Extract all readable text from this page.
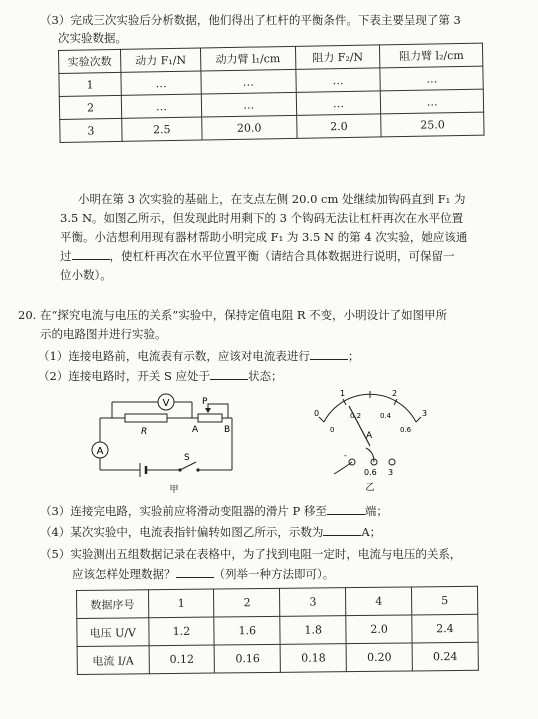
（3）完成三次实验后分析数据，他们得出了杠杆的平衡条件。下表主要呈现了第 3
次实验数据。
实验次数	动力 F₁/N	动力臂 l₁/cm	阻力 F₂/N	阻力臂 l₂/cm
1	…	…	…	…
2	…	…	…	…
3	2.5	20.0	2.0	25.0
小明在第 3 次实验的基础上，在支点左侧 20.0 cm 处继续加钩码直到 F₁ 为
3.5 N。如图乙所示，但发现此时用剩下的 3 个钩码无法让杠杆再次在水平位置
平衡。小洁想利用现有器材帮助小明完成 F₁ 为 3.5 N 的第 4 次实验，她应该通
过	，使杠杆再次在水平位置平衡（请结合具体数据进行说明，可保留一
位小数）。
20. 在“探究电流与电压的关系”实验中，保持定值电阻 R 不变，小明设计了如图甲所
示的电路图并进行实验。
（1）连接电路前，电流表有示数，应该对电流表进行	；
（2）连接电路时，开关 S 应处于	状态；
V
A
R
P
A	B
S
甲
0
1	2
3
0
0.2	0.4
0.6
A
-
0.6 3
乙
（3）连接完电路，实验前应将滑动变阻器的滑片 P 移至	端；
（4）某次实验中，电流表指针偏转如图乙所示，示数为	A；
（5）实验测出五组数据记录在表格中，为了找到电阻一定时，电流与电压的关系，
应该怎样处理数据？	（列举一种方法即可）。
数据序号	1	2	3	4	5
电压 U/V	1.2	1.6	1.8	2.0	2.4
电流 I/A	0.12	0.16	0.18	0.20	0.24
